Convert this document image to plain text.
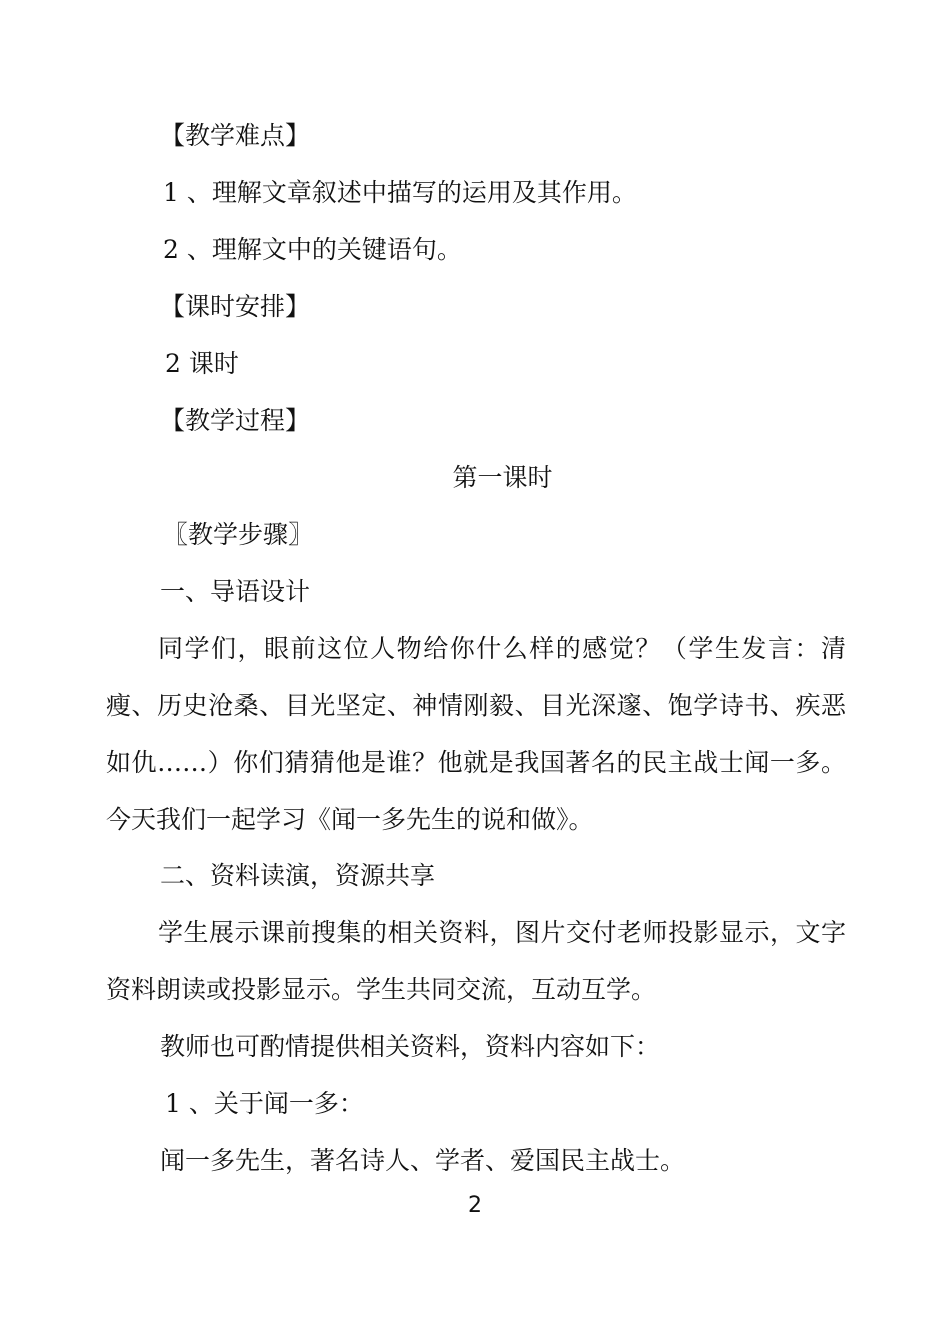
【教学难点】
1 、理解文章叙述中描写的运用及其作用。
2 、理解文中的关键语句。
【课时安排】
2 课时
【教学过程】
第一课时
〖教学步骤〗
一、导语设计
同学们，眼前这位人物给你什么样的感觉？（学生发言：清瘦、历史沧桑、目光坚定、神情刚毅、目光深邃、饱学诗书、疾恶如仇……）你们猜猜他是谁？他就是我国著名的民主战士闻一多。今天我们一起学习《闻一多先生的说和做》。
二、资料读演，资源共享
学生展示课前搜集的相关资料，图片交付老师投影显示，文字资料朗读或投影显示。学生共同交流，互动互学。
教师也可酌情提供相关资料，资料内容如下：
1 、关于闻一多：
闻一多先生，著名诗人、学者、爱国民主战士。
2
